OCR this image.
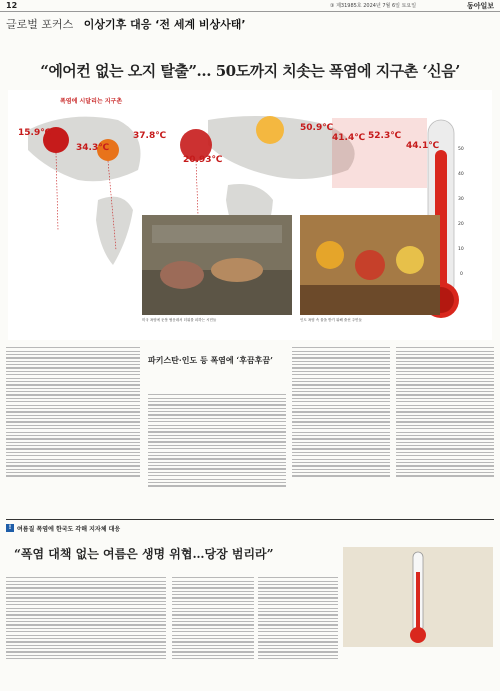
12	③ 제31985호 2024년 7월 6일 토요일	동아일보
글로벌 포커스 이상기후 대응 ‘전 세계 비상사태’
“에어컨 없는 오지 탈출”… 50도까지 치솟는 폭염에 지구촌 ‘신음’
50
40
30
20
10
0
15.9℃
34.3℃
37.8℃
20.93℃
50.9℃
41.4℃ 52.3℃
44.1℃
폭염에 시달리는 지구촌
미국 폭염에 둔봌 협운데서 더위를 피하는 시민들	인도 폭염 속 물을 받기 위해 줄선 주민들
파키스탄·인도 등 폭염에 ‘후끔후끔’
! 여름질 폭염에 한국도 각해 지자체 대응
“폭염 대책 없는 여름은 생명 위협…당장 범리라”
